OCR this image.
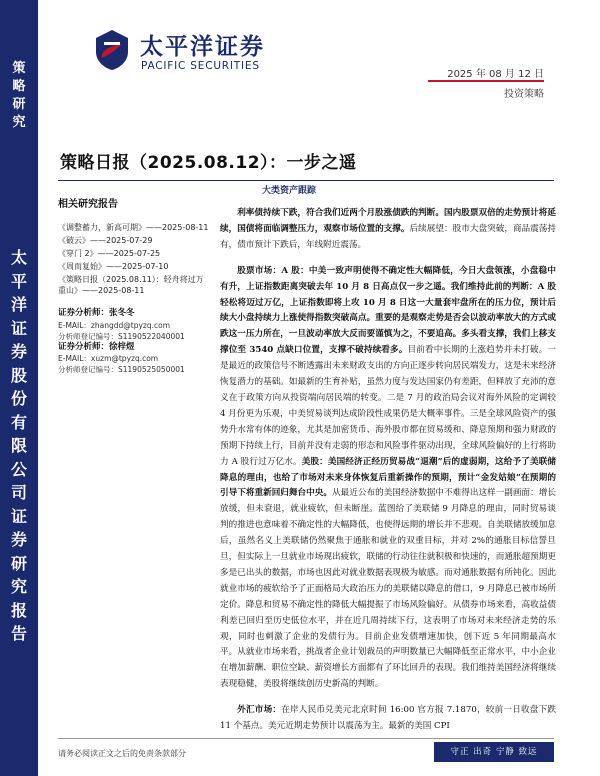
策
略
研
究
太
平
洋
证
券
股
份
有
限
公
司
证
券
研
究
报
告
太平洋证券
PACIFIC SECURITIES
2025 年 08 月 12 日
投资策略
策略日报（2025.08.12）：一步之遥
大类资产跟踪
相关研究报告
《调整蓄力，新高可期》——2025-08-11
《破云》——2025-07-29
《穿门 2》——2025-07-25
《周而复始》——2025-07-10
《策略日报（2025.08.11）：轻舟将过万重山》——2025-08-11
证券分析师：张冬冬
E-MAIL：zhangdd@tpyzq.com
分析师登记编号：S1190522040001
证券分析师：徐梓煜
E-MAIL：xuzm@tpyzq.com
分析师登记编号：S1190525050001

利率债持续下跌，符合我们近两个月股涨债跌的判断。国内股票双倍的走势预计将延续，国债将面临调整压力，观察市场位置的支撑。后续展望：股市大盘突破，商品震荡持有，债市预计下跌后，年线附近震荡。

股票市场：A 股：中美一致声明使得不确定性大幅降低，今日大盘领涨，小盘稳中有升，上证指数距离突破去年 10 月 8 日高点仅一步之遥。我们维持此前的判断：A 股轻松将迈过万亿，上证指数即将上攻 10 月 8 日这一大量套牢盘所在的压力位，预计后续大小盘持续力上涨使得指数突破高点。重要的是观察走势是否会以波动率放大的方式或跌这一压力所在，一旦波动率放大反而要谨慎为之，不要追高。多头看支撑，我们上移支撑位至 3540 点缺口位置，支撑不破持续看多。目前看中长期的上涨趋势并未打破。一是最近的政策信号不断透露出未来财政支出的方向正逐步转向居民端发力，这是未来经济恢复潜力的基础。如最新的生育补贴，虽然力度与发达国家仍有差距，但释放了充沛的意义在于政策方向从投资端向居民端的转变。二是 7 月的政治局会议对海外风险的定调较 4 月份更为乐观，中美贸易谈判达成阶段性成果仍是大概率事件。三是全球风险资产的强势升水常有体的迹象，尤其是加密货币、海外股市都在贸易缓和、降息预期和强力财政的预期下持续上行，目前并没有走弱的形态和风险事件驱动出现，全球风险偏好的上行将助力 A 股行过万亿水。美股：美国经济正经历贸易战“退潮”后的虚弱期，这给予了美联储降息的理由，也给了市场对未来身体恢复后重新操作的预期，预计“金发姑娘”在预期的引导下将重新回归舞台中央。从最近公布的美国经济数据中不难得出这样一副画面：增长放缓，但未衰退，就业疲软，但未断崖。蓝图给了美联储 9 月降息的理由，同时贸易谈判的推进也意味着不确定性的大幅降低，也使得远期的增长并不悲观。自美联储放缓加息后，虽然名义上美联储仍然聚焦于通胀和就业的双重目标，并对 2%的通胀目标信誓旦旦，但实际上一旦就业市场现出疲软，联储的行动往往就积极和快速的，而通胀超预期更多是已出头的数据，市场也因此对就业数据表现极为敏感。而对通胀数据有所钝化。因此就业市场的疲软给予了正面格局大政治压力的美联储以降息的借口，9 月降息已被市场所定价。降息和贸易不确定性的降低大幅提振了市场风险偏好。从债券市场来看，高收益债利差已回归至历史低位水平，并在近几周持续下行，这表明了市场对未来经济走势的乐观，同时也刺激了企业的发债行为。目前企业发债增速加快，创下近 5 年同期最高水平。从就业市场来看，挑战者企业计划裁员的声明数量已大幅降低至正常水平，中小企业在增加薪酬、职位空缺、薪资增长方面都有了环比回升的表现。我们维持美国经济将继续表现稳健，美股将继续创历史新高的判断。

外汇市场：在岸人民币兑美元北京时间 16:00 官方报 7.1870，较前一日收盘下跌 11 个基点。美元近期走势预计以震荡为主。最新的美国 CPI

请务必阅读正文之后的免责条款部分	守正 出奇 宁静 致远
